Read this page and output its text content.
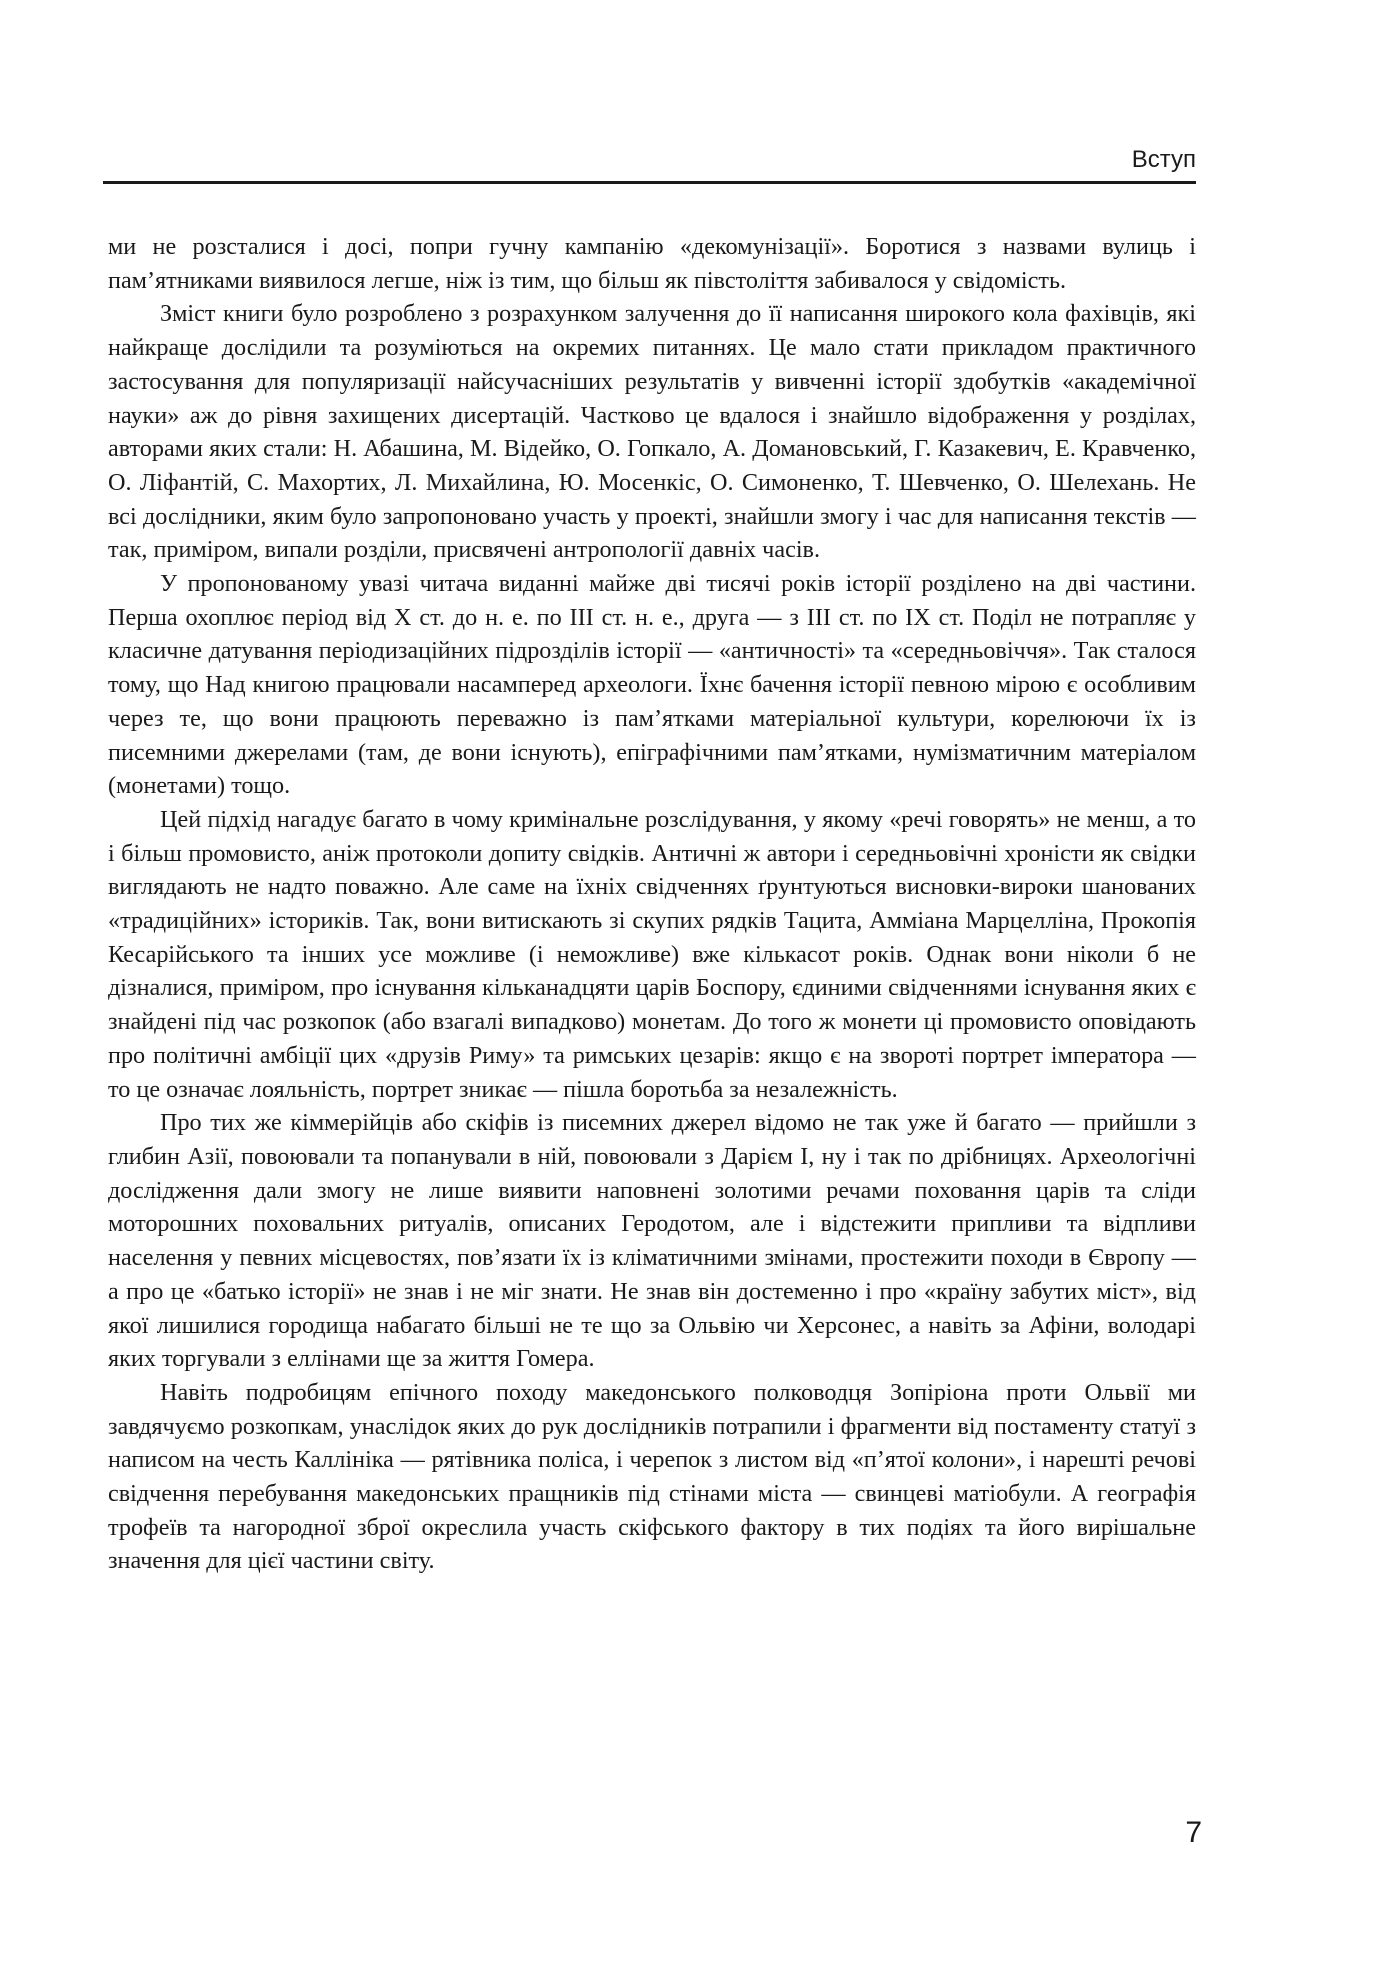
Вступ

ми не розсталися і досі, попри гучну кампанію «декомунізації». Боротися з назвами вулиць і пам’ятниками виявилося легше, ніж із тим, що більш як півстоліття забивалося у свідомість.

Зміст книги було розроблено з розрахунком залучення до її написання широкого кола фахівців, які найкраще дослідили та розуміються на окремих питаннях. Це мало стати прикладом практичного застосування для популяризації найсучасніших результатів у вивченні історії здобутків «академічної науки» аж до рівня захищених дисертацій. Частково це вдалося і знайшло відображення у розділах, авторами яких стали: Н. Абашина, М. Відейко, О. Гопкало, А. Домановський, Г. Казакевич, Е. Кравченко, О. Ліфантій, С. Махортих, Л. Михайлина, Ю. Мосенкіс, О. Симоненко, Т. Шевченко, О. Шелехань. Не всі дослідники, яким було запропоновано участь у проекті, знайшли змогу і час для написання текстів — так, приміром, випали розділи, присвячені антропології давніх часів.

У пропонованому увазі читача виданні майже дві тисячі років історії розділено на дві частини. Перша охоплює період від X ст. до н. е. по III ст. н. е., друга — з III ст. по IX ст. Поділ не потрапляє у класичне датування періодизаційних підрозділів історії — «античності» та «середньовіччя». Так сталося тому, що Над книгою працювали насамперед археологи. Їхнє бачення історії певною мірою є особливим через те, що вони працюють переважно із пам’ятками матеріальної культури, корелюючи їх із писемними джерелами (там, де вони існують), епіграфічними пам’ятками, нумізматичним матеріалом (монетами) тощо.

Цей підхід нагадує багато в чому кримінальне розслідування, у якому «речі говорять» не менш, а то і більш промовисто, аніж протоколи допиту свідків. Античні ж автори і середньовічні хроністи як свідки виглядають не надто поважно. Але саме на їхніх свідченнях ґрунтуються висновки-вироки шанованих «традиційних» істориків. Так, вони витискають зі скупих рядків Тацита, Амміана Марцелліна, Прокопія Кесарійського та інших усе можливе (і неможливе) вже кількасот років. Однак вони ніколи б не дізналися, приміром, про існування кільканадцяти царів Боспору, єдиними свідченнями існування яких є знайдені під час розкопок (або взагалі випадково) монетам. До того ж монети ці промовисто оповідають про політичні амбіції цих «друзів Риму» та римських цезарів: якщо є на звороті портрет імператора — то це означає лояльність, портрет зникає — пішла боротьба за незалежність.

Про тих же кіммерійців або скіфів із писемних джерел відомо не так уже й багато — прийшли з глибин Азії, повоювали та попанували в ній, повоювали з Дарієм I, ну і так по дрібницях. Археологічні дослідження дали змогу не лише виявити наповнені золотими речами поховання царів та сліди моторошних поховальних ритуалів, описаних Геродотом, але і відстежити припливи та відпливи населення у певних місцевостях, пов’язати їх із кліматичними змінами, простежити походи в Європу — а про це «батько історії» не знав і не міг знати. Не знав він достеменно і про «країну забутих міст», від якої лишилися городища набагато більші не те що за Ольвію чи Херсонес, а навіть за Афіни, володарі яких торгували з еллінами ще за життя Гомера.

Навіть подробицям епічного походу македонського полководця Зопіріона проти Ольвії ми завдячуємо розкопкам, унаслідок яких до рук дослідників потрапили і фрагменти від постаменту статуї з написом на честь Каллініка — рятівника поліса, і черепок з листом від «п’ятої колони», і нарешті речові свідчення перебування македонських пращників під стінами міста — свинцеві матіобули. А географія трофеїв та нагородної зброї окреслила участь скіфського фактору в тих подіях та його вирішальне значення для цієї частини світу.

7
